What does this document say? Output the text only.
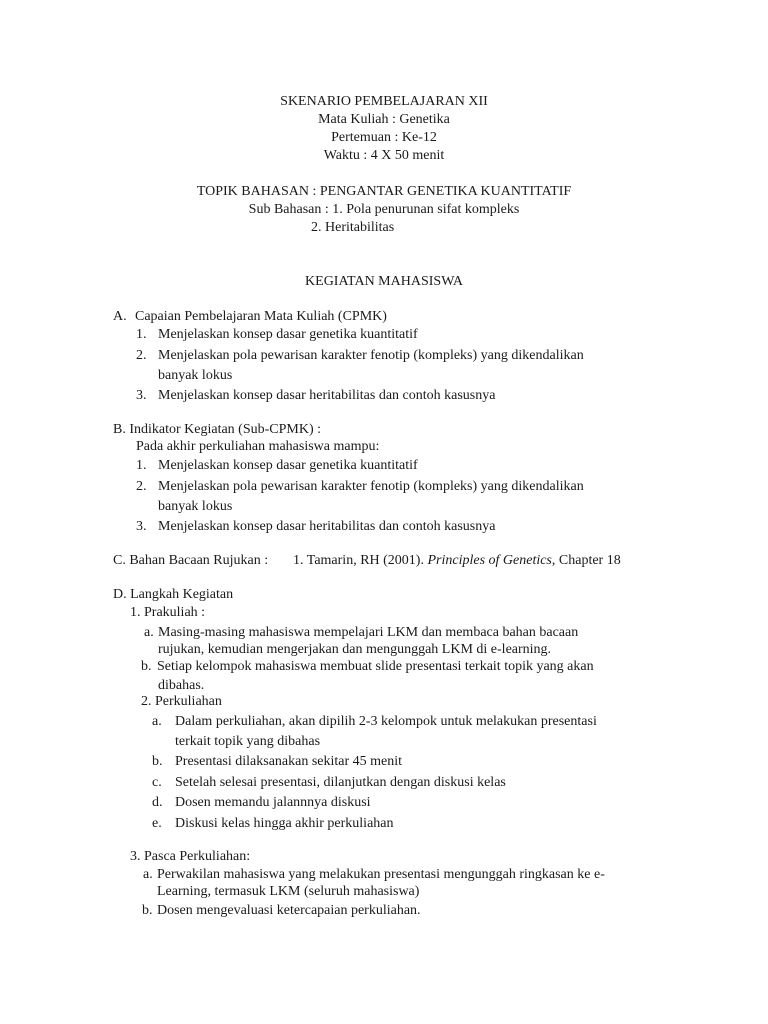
SKENARIO PEMBELAJARAN XII
Mata Kuliah : Genetika
Pertemuan : Ke-12
Waktu : 4 X 50 menit
TOPIK BAHASAN : PENGANTAR GENETIKA KUANTITATIF
Sub Bahasan : 1. Pola penurunan sifat kompleks
2. Heritabilitas
KEGIATAN MAHASISWA
A. Capaian Pembelajaran Mata Kuliah (CPMK)
1. Menjelaskan konsep dasar genetika kuantitatif
2. Menjelaskan pola pewarisan karakter fenotip (kompleks) yang dikendalikan
banyak lokus
3. Menjelaskan konsep dasar heritabilitas dan contoh kasusnya
B. Indikator Kegiatan (Sub-CPMK) :
Pada akhir perkuliahan mahasiswa mampu:
1. Menjelaskan konsep dasar genetika kuantitatif
2. Menjelaskan pola pewarisan karakter fenotip (kompleks) yang dikendalikan
banyak lokus
3. Menjelaskan konsep dasar heritabilitas dan contoh kasusnya
C. Bahan Bacaan Rujukan : 1. Tamarin, RH (2001). Principles of Genetics, Chapter 18
D. Langkah Kegiatan
1. Prakuliah :
a. Masing-masing mahasiswa mempelajari LKM dan membaca bahan bacaan
rujukan, kemudian mengerjakan dan mengunggah LKM di e-learning.
b. Setiap kelompok mahasiswa membuat slide presentasi terkait topik yang akan
dibahas.
2. Perkuliahan
a. Dalam perkuliahan, akan dipilih 2-3 kelompok untuk melakukan presentasi
terkait topik yang dibahas
b. Presentasi dilaksanakan sekitar 45 menit
c. Setelah selesai presentasi, dilanjutkan dengan diskusi kelas
d. Dosen memandu jalannnya diskusi
e. Diskusi kelas hingga akhir perkuliahan
3. Pasca Perkuliahan:
a. Perwakilan mahasiswa yang melakukan presentasi mengunggah ringkasan ke e-
Learning, termasuk LKM (seluruh mahasiswa)
b. Dosen mengevaluasi ketercapaian perkuliahan.
